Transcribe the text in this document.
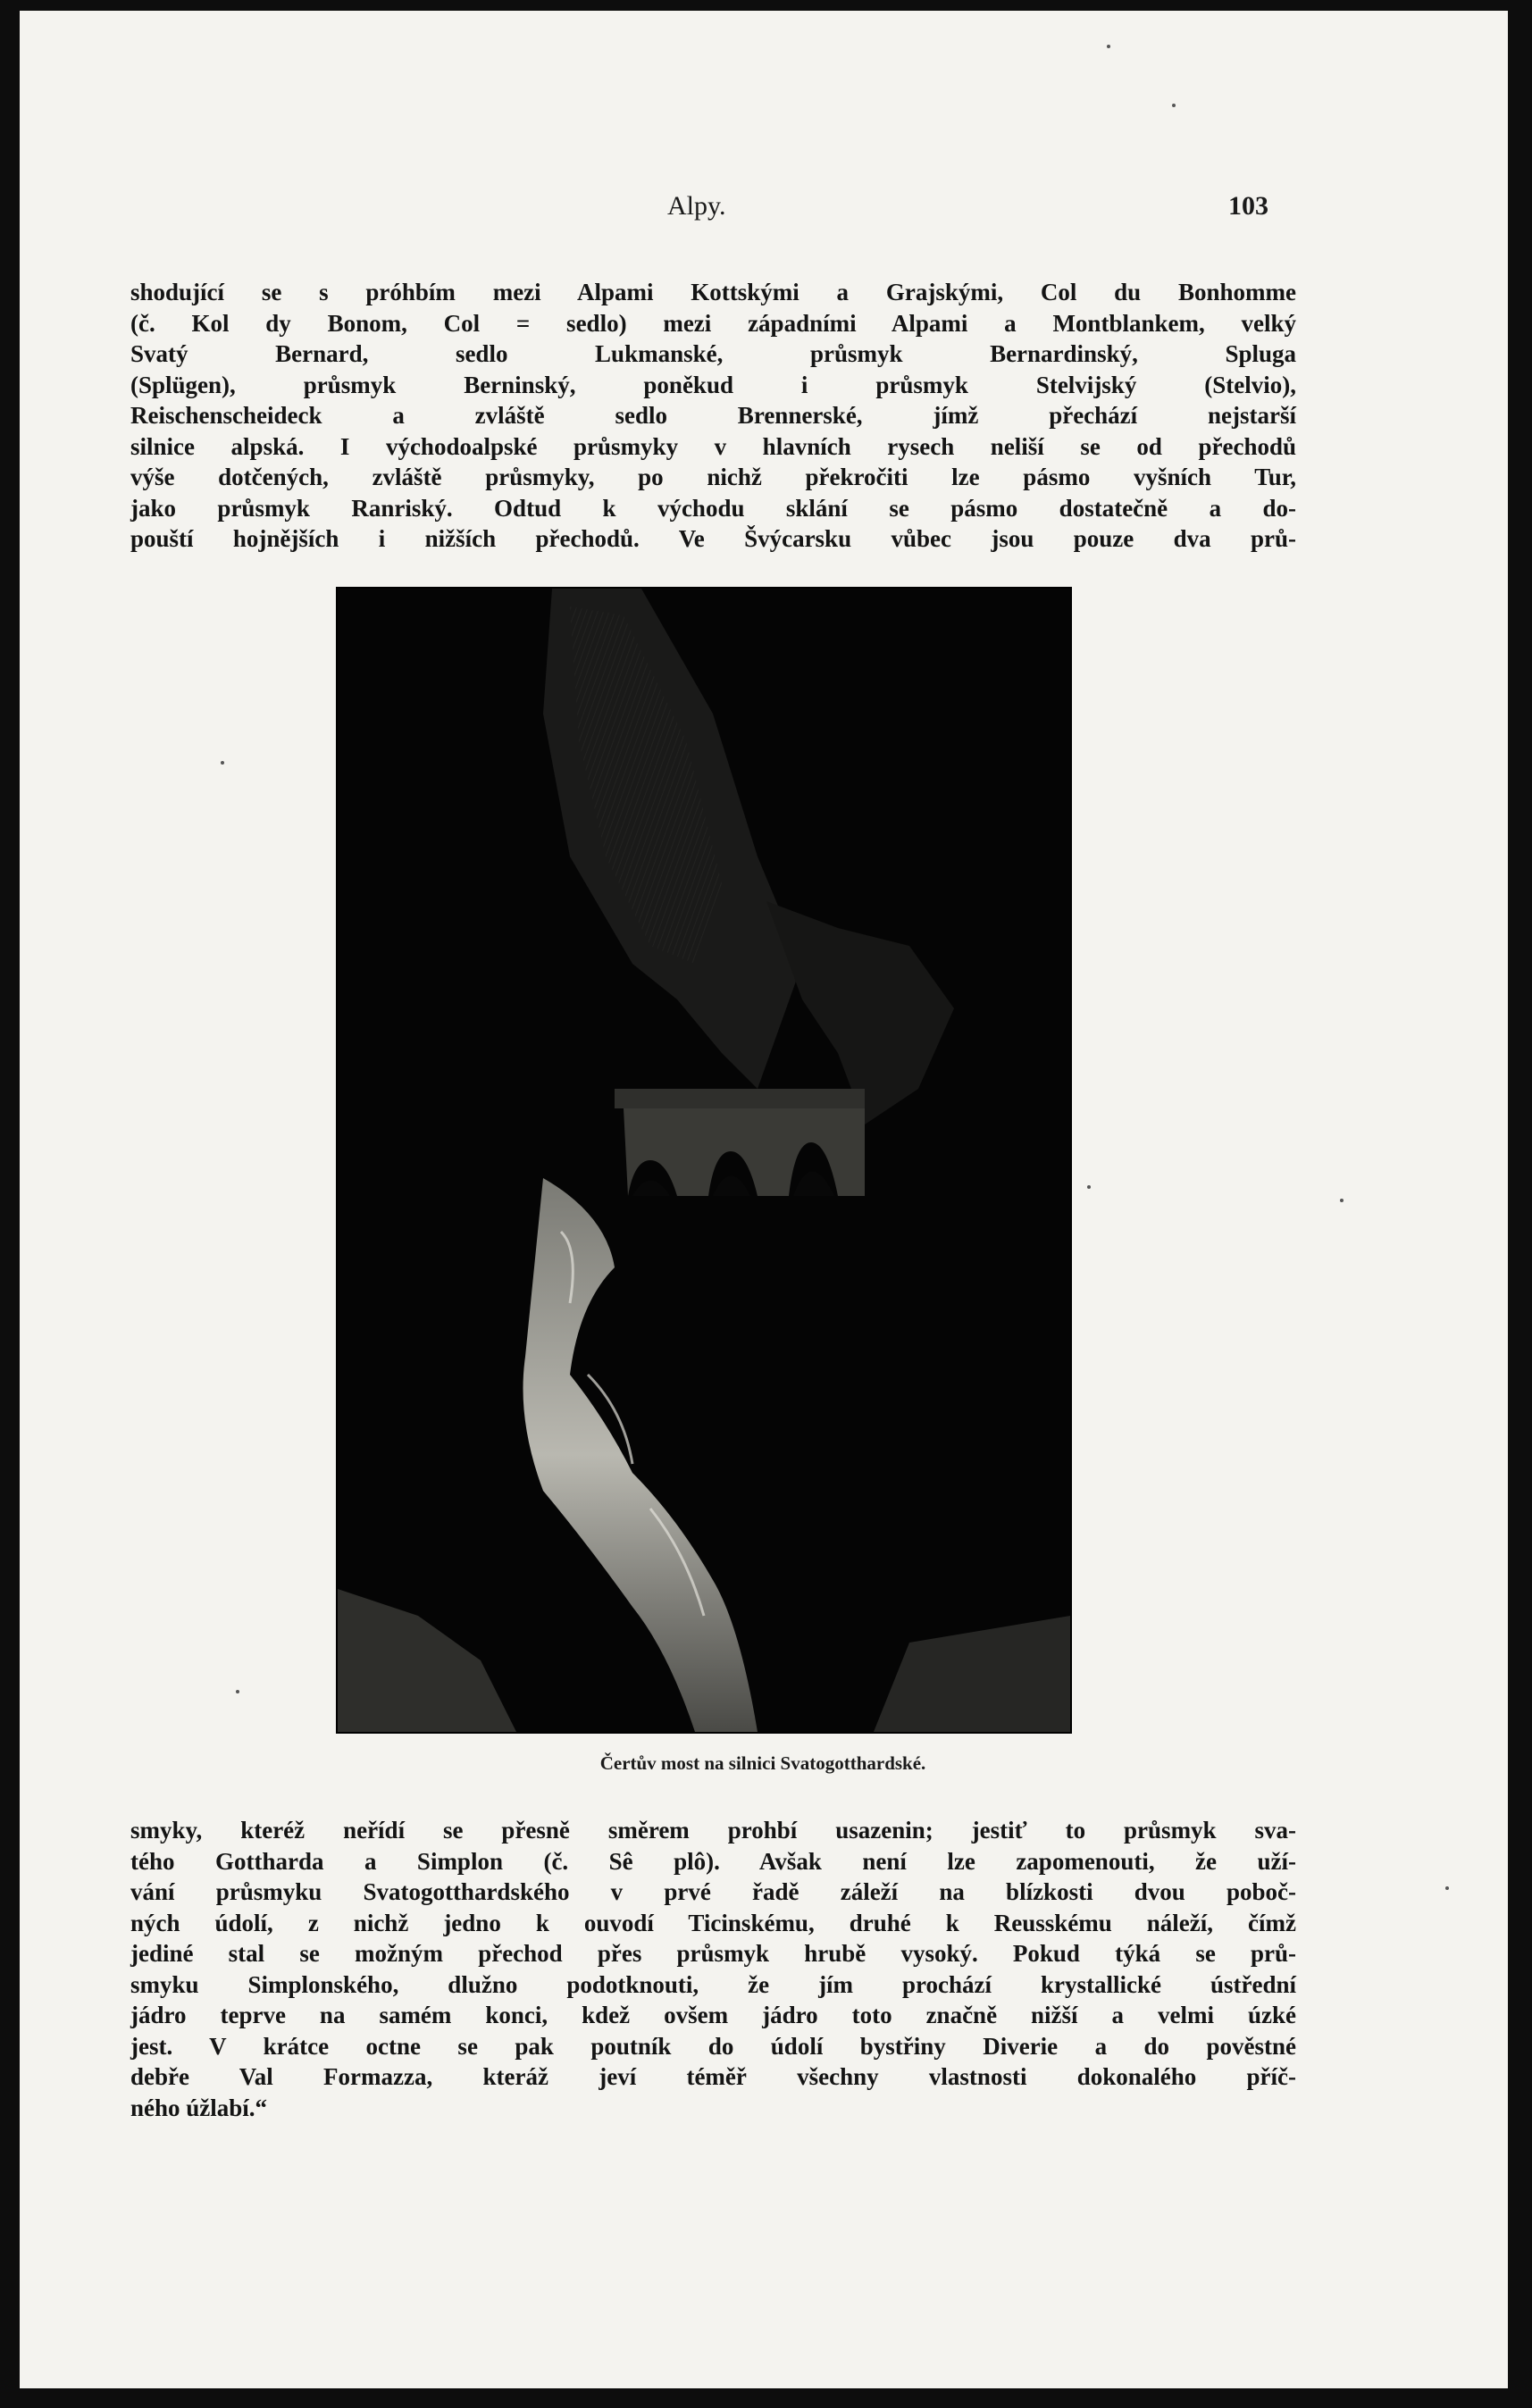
Alpy.	103
shodující se s próhbím mezi Alpami Kottskými a Grajskými, Col du Bonhomme
(č. Kol dy Bonom, Col = sedlo) mezi západními Alpami a Montblankem, velký
Svatý Bernard, sedlo Lukmanské, průsmyk Bernardinský, Spluga
(Splügen), průsmyk Berninský, poněkud i průsmyk Stelvijský (Stelvio),
Reischenscheideck a zvláště sedlo Brennerské, jímž přechází nejstarší
silnice alpská. I východoalpské průsmyky v hlavních rysech neliší se od přechodů
výše dotčených, zvláště průsmyky, po nichž překročiti lze pásmo vyšních Tur,
jako průsmyk Ranriský. Odtud k východu sklání se pásmo dostatečně a do-
pouští hojnějších i nižších přechodů. Ve Švýcarsku vůbec jsou pouze dva prů-
Čertův most na silnici Svatogotthardské.
smyky, kteréž neřídí se přesně směrem prohbí usazenin; jestiť to průsmyk sva-
tého Gottharda a Simplon (č. Sê plô). Avšak není lze zapomenouti, že uží-
vání průsmyku Svatogotthardského v prvé řadě záleží na blízkosti dvou poboč-
ných údolí, z nichž jedno k ouvodí Ticinskému, druhé k Reusskému náleží, čímž
jediné stal se možným přechod přes průsmyk hrubě vysoký. Pokud týká se prů-
smyku Simplonského, dlužno podotknouti, že jím prochází krystallické ústřední
jádro teprve na samém konci, kdež ovšem jádro toto značně nižší a velmi úzké
jest. V krátce octne se pak poutník do údolí bystřiny Diverie a do pověstné
debře Val Formazza, kteráž jeví téměř všechny vlastnosti dokonalého příč-
ného úžlabí.“
